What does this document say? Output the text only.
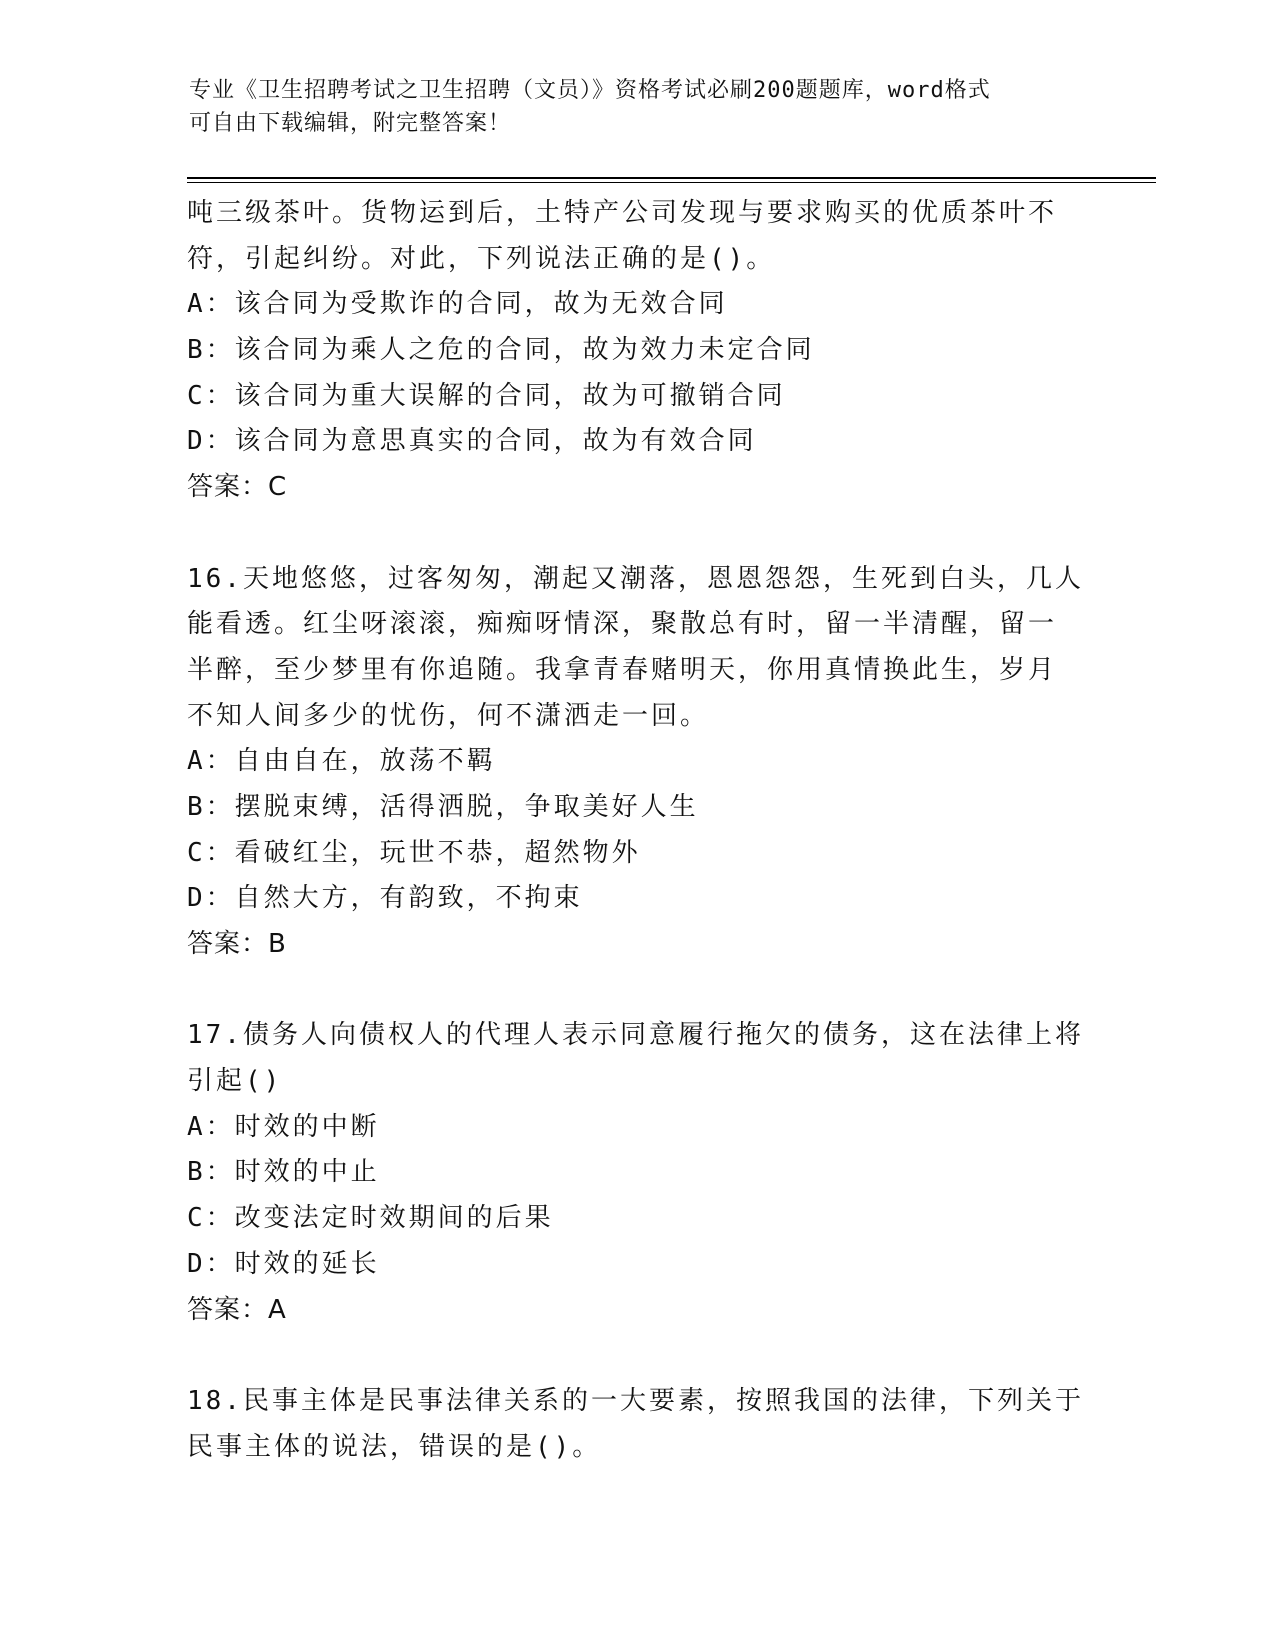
专业《卫生招聘考试之卫生招聘（文员）》资格考试必刷200题题库，word格式
可自由下载编辑，附完整答案！
吨三级茶叶。货物运到后，土特产公司发现与要求购买的优质茶叶不
符，引起纠纷。对此，下列说法正确的是()。
A：该合同为受欺诈的合同，故为无效合同
B：该合同为乘人之危的合同，故为效力未定合同
C：该合同为重大误解的合同，故为可撤销合同
D：该合同为意思真实的合同，故为有效合同
答案：C
16.天地悠悠，过客匆匆，潮起又潮落，恩恩怨怨，生死到白头，几人
能看透。红尘呀滚滚，痴痴呀情深，聚散总有时，留一半清醒，留一
半醉，至少梦里有你追随。我拿青春赌明天，你用真情换此生，岁月
不知人间多少的忧伤，何不潇洒走一回。
A：自由自在，放荡不羁
B：摆脱束缚，活得洒脱，争取美好人生
C：看破红尘，玩世不恭，超然物外
D：自然大方，有韵致，不拘束
答案：B
17.债务人向债权人的代理人表示同意履行拖欠的债务，这在法律上将
引起()
A：时效的中断
B：时效的中止
C：改变法定时效期间的后果
D：时效的延长
答案：A
18.民事主体是民事法律关系的一大要素，按照我国的法律，下列关于
民事主体的说法，错误的是()。
